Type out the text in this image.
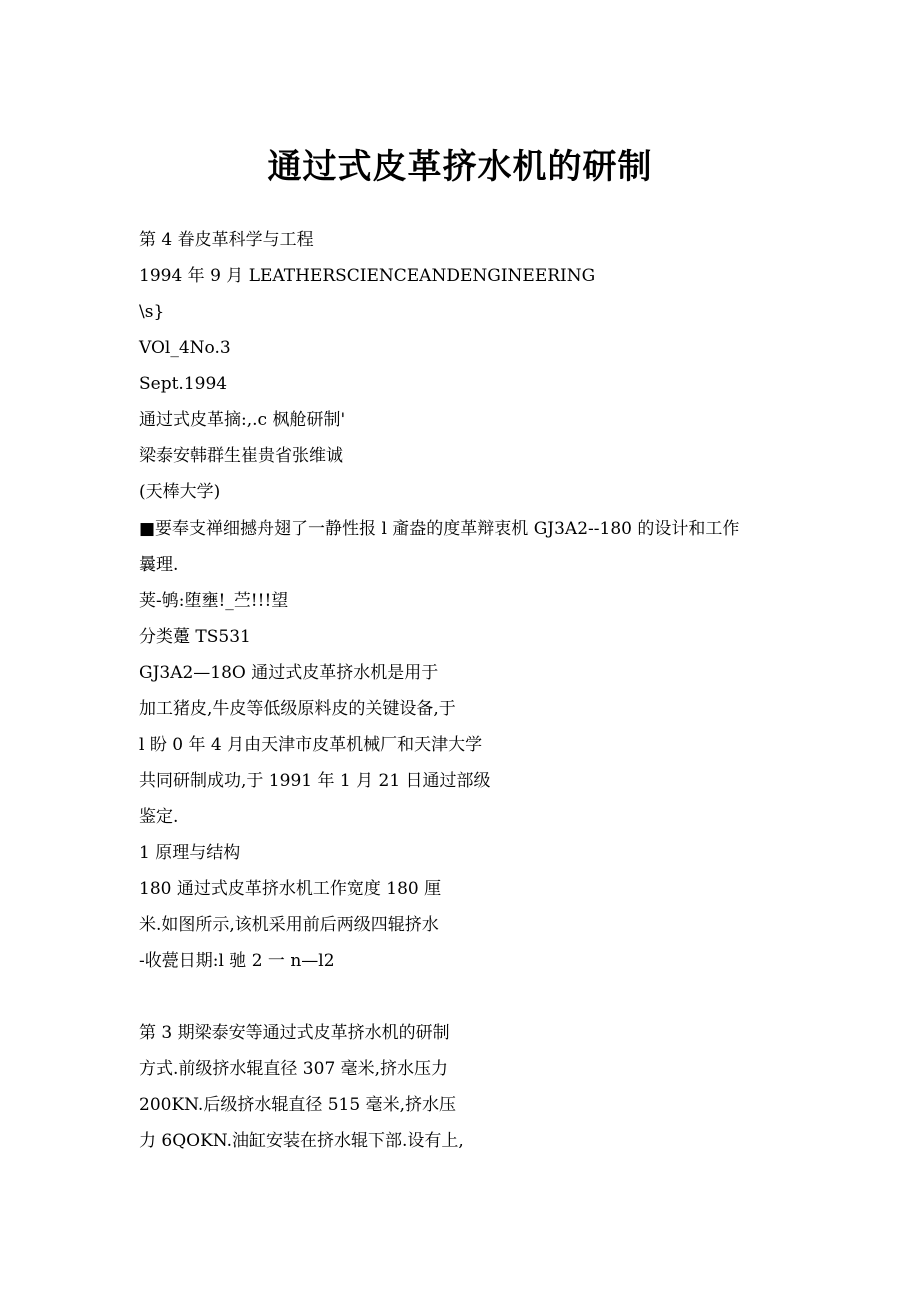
通过式皮革挤水机的研制
第 4 眷皮革科学与工程
1994 年 9 月 LEATHERSCIENCEANDENGINEERING
\s}
VOl_4No.3
Sept.1994
通过式皮革摘:,.c 枫舱研制'
梁泰安韩群生崔贵省张维诚
(天棒大学)
■要奉支禅细撼舟翅了一静性报 l 齑盎的度革辩衷机 GJ3A2--180 的设计和工作
曩理.
荚-鸲:堕壅!_苎!!!望
分类躉 TS531
GJ3A2—18O 通过式皮革挤水机是用于
加工猪皮,牛皮等低级原料皮的关键设备,于
l 盼 0 年 4 月由天津市皮革机械厂和天津大学
共同研制成功,于 1991 年 1 月 21 日通过部级
鉴定.
1 原理与结构
180 通过式皮革挤水机工作宽度 180 厘
米.如图所示,该机采用前后两级四辊挤水
-收甍日期:l 驰 2 一 n—l2
第 3 期梁泰安等通过式皮革挤水机的研制
方式.前级挤水辊直径 307 毫米,挤水压力
200KN.后级挤水辊直径 515 毫米,挤水压
力 6QOKN.油缸安装在挤水辊下部.设有上,
